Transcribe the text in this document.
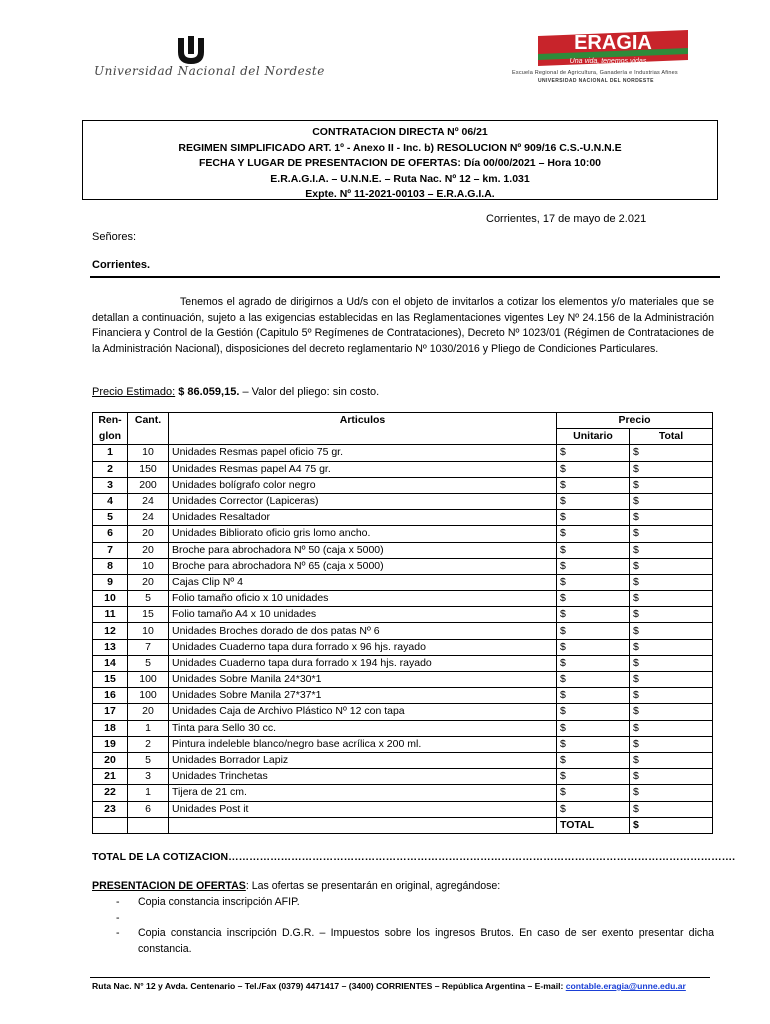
Universidad Nacional del Nordeste
ERAGIA
Una vida, tenemos vidas
Escuela Regional de Agricultura, Ganadería e Industrias Afines
UNIVERSIDAD NACIONAL DEL NORDESTE
CONTRATACION DIRECTA Nº 06/21
REGIMEN SIMPLIFICADO ART. 1º - Anexo II - Inc. b) RESOLUCION Nº 909/16 C.S.-U.N.N.E
FECHA Y LUGAR DE PRESENTACION DE OFERTAS: Día 00/00/2021 – Hora 10:00
E.R.A.G.I.A. – U.N.N.E. – Ruta Nac. Nº 12 – km. 1.031
Expte. Nº 11-2021-00103 – E.R.A.G.I.A.
Corrientes, 17 de mayo de 2.021
Señores:
Corrientes.
Tenemos el agrado de dirigirnos a Ud/s con el objeto de invitarlos a cotizar los elementos y/o materiales que se detallan a continuación, sujeto a las exigencias establecidas en las Reglamentaciones vigentes Ley Nº 24.156 de la Administración Financiera y Control de la Gestión (Capitulo 5º Regímenes de Contrataciones), Decreto Nº 1023/01 (Régimen de Contrataciones de la Administración Nacional), disposiciones del decreto reglamentario Nº 1030/2016 y Pliego de Condiciones Particulares.
Precio Estimado: $ 86.059,15. – Valor del pliego: sin costo.
Ren-	Cant.	Articulos	Precio	
glon			Unitario	Total
1	10	Unidades Resmas papel oficio 75 gr.	$	$
2	150	Unidades Resmas papel A4 75 gr.	$	$
3	200	Unidades bolígrafo color negro	$	$
4	24	Unidades Corrector (Lapiceras)	$	$
5	24	Unidades Resaltador	$	$
6	20	Unidades Bibliorato oficio gris lomo ancho.	$	$
7	20	Broche para abrochadora Nº 50 (caja x 5000)	$	$
8	10	Broche para abrochadora Nº 65 (caja x 5000)	$	$
9	20	Cajas Clip Nº 4	$	$
10	5	Folio tamaño oficio x 10 unidades	$	$
11	15	Folio tamaño A4 x 10 unidades	$	$
12	10	Unidades Broches dorado de dos patas Nº 6	$	$
13	7	Unidades Cuaderno tapa dura forrado x 96 hjs. rayado	$	$
14	5	Unidades Cuaderno tapa dura forrado x 194 hjs. rayado	$	$
15	100	Unidades Sobre Manila 24*30*1	$	$
16	100	Unidades Sobre Manila 27*37*1	$	$
17	20	Unidades Caja de Archivo Plástico Nº 12 con tapa	$	$
18	1	Tinta para Sello 30 cc.	$	$
19	2	Pintura indeleble blanco/negro base acrílica x 200 ml.	$	$
20	5	Unidades Borrador Lapiz	$	$
21	3	Unidades Trinchetas	$	$
22	1	Tijera de 21 cm.	$	$
23	6	Unidades Post it	$	$
			TOTAL	$
TOTAL DE LA COTIZACION……………………………………………………………………………………………………………………………….
PRESENTACION DE OFERTAS: Las ofertas se presentarán en original, agregándose:
- Copia constancia inscripción AFIP.
-
- Copia constancia inscripción D.G.R. – Impuestos sobre los ingresos Brutos. En caso de ser exento presentar dicha constancia.
Ruta Nac. N° 12 y Avda. Centenario – Tel./Fax (0379) 4471417 – (3400) CORRIENTES – República Argentina – E-mail: contable.eragia@unne.edu.ar
